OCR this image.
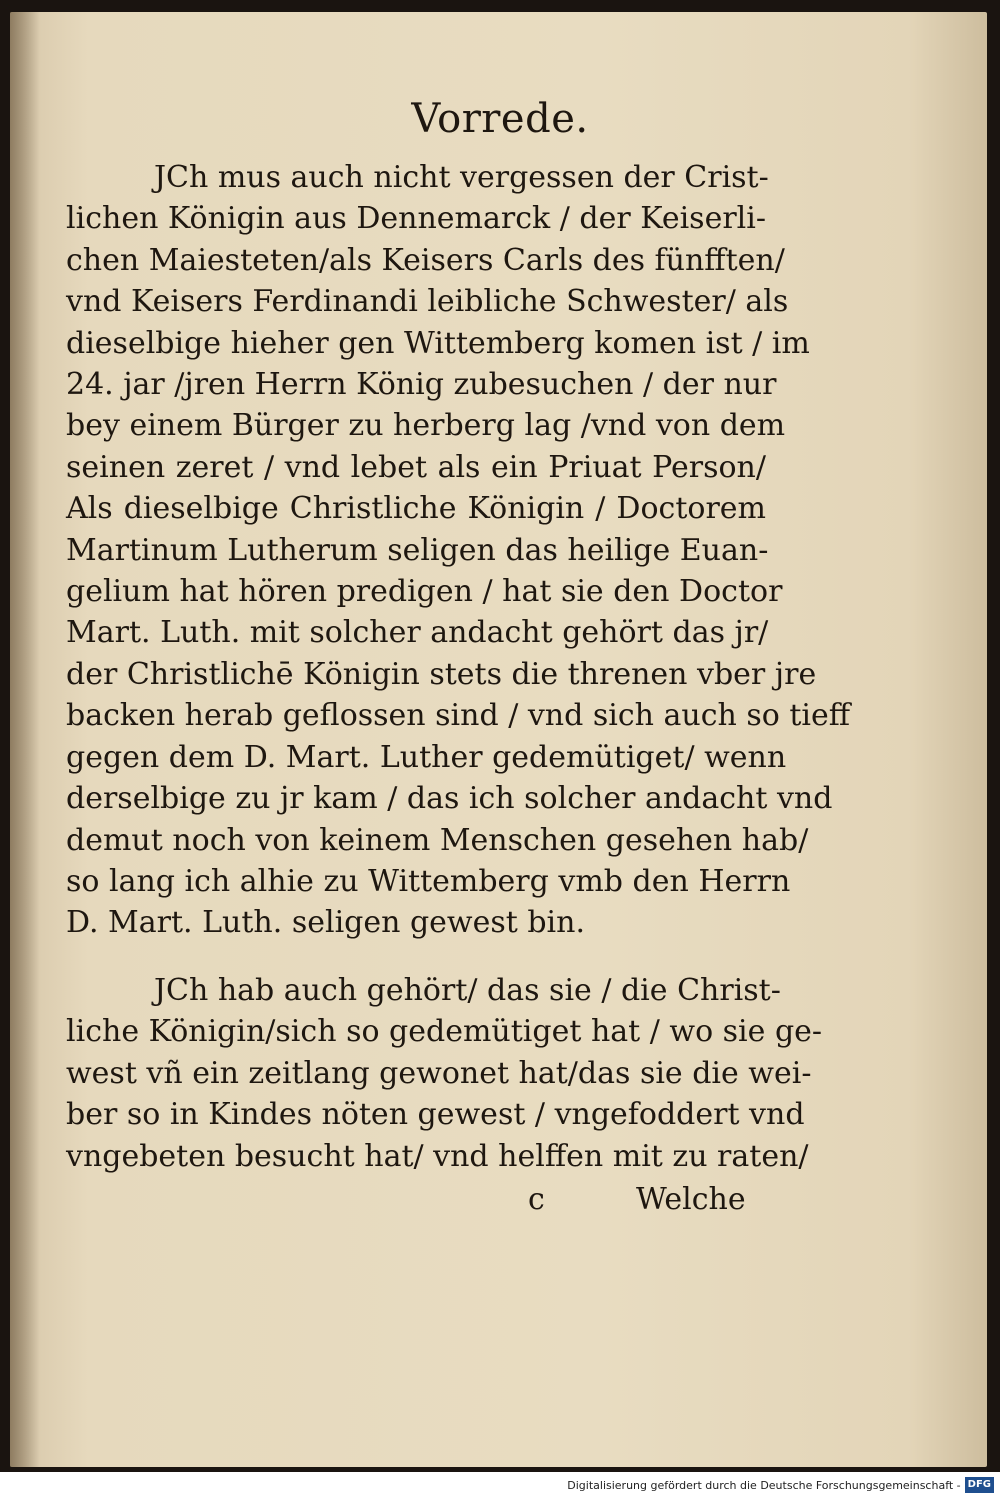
Vorrede.
JCh mus auch nicht vergessen der Crist-
lichen Königin aus Dennemarck / der Keiserli-
chen Maiesteten/als Keisers Carls des fünfften/
vnd Keisers Ferdinandi leibliche Schwester/ als
dieselbige hieher gen Wittemberg komen ist / im
24. jar /jren Herrn König zubesuchen / der nur
bey einem Bürger zu herberg lag /vnd von dem
seinen zeret / vnd lebet als ein Priuat Person/
Als dieselbige Christliche Königin / Doctorem
Martinum Lutherum seligen das heilige Euan-
gelium hat hören predigen / hat sie den Doctor
Mart. Luth. mit solcher andacht gehört das jr/
der Christlichē Königin stets die threnen vber jre
backen herab geflossen sind / vnd sich auch so tieff
gegen dem D. Mart. Luther gedemütiget/ wenn
derselbige zu jr kam / das ich solcher andacht vnd
demut noch von keinem Menschen gesehen hab/
so lang ich alhie zu Wittemberg vmb den Herrn
D. Mart. Luth. seligen gewest bin.
JCh hab auch gehört/ das sie / die Christ-
liche Königin/sich so gedemütiget hat / wo sie ge-
west vñ ein zeitlang gewonet hat/das sie die wei-
ber so in Kindes nöten gewest / vngefoddert vnd
vngebeten besucht hat/ vnd helffen mit zu raten/
c	Welche
Digitalisierung gefördert durch die Deutsche Forschungsgemeinschaft - DFG
